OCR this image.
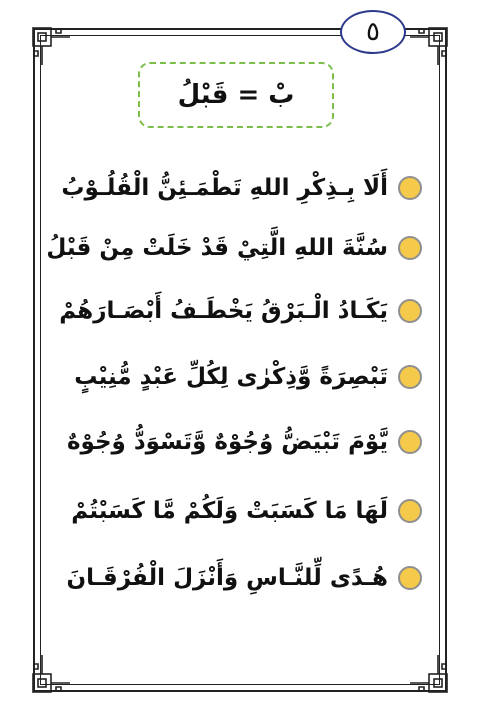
٥
بْ = قَبْلُ
أَلَا بِـذِكْرِ اللهِ تَطْمَـئِنُّ الْقُلُـوْبُ
سُنَّةَ اللهِ الَّتِيْ قَدْ خَلَتْ مِنْ قَبْلُ
يَكَـادُ الْـبَرْقُ يَخْطَـفُ أَبْصَـارَهُمْ
تَبْصِرَةً وَّذِكْرٰى لِكُلِّ عَبْدٍ مُّنِيْبٍ
يَّوْمَ تَبْيَضُّ وُجُوْهٌ وَّتَسْوَدُّ وُجُوْهٌ
لَهَا مَا كَسَبَتْ وَلَكُمْ مَّا كَسَبْتُمْ
هُـدًى لِّلنَّـاسِ وَأَنْزَلَ الْفُرْقَـانَ
